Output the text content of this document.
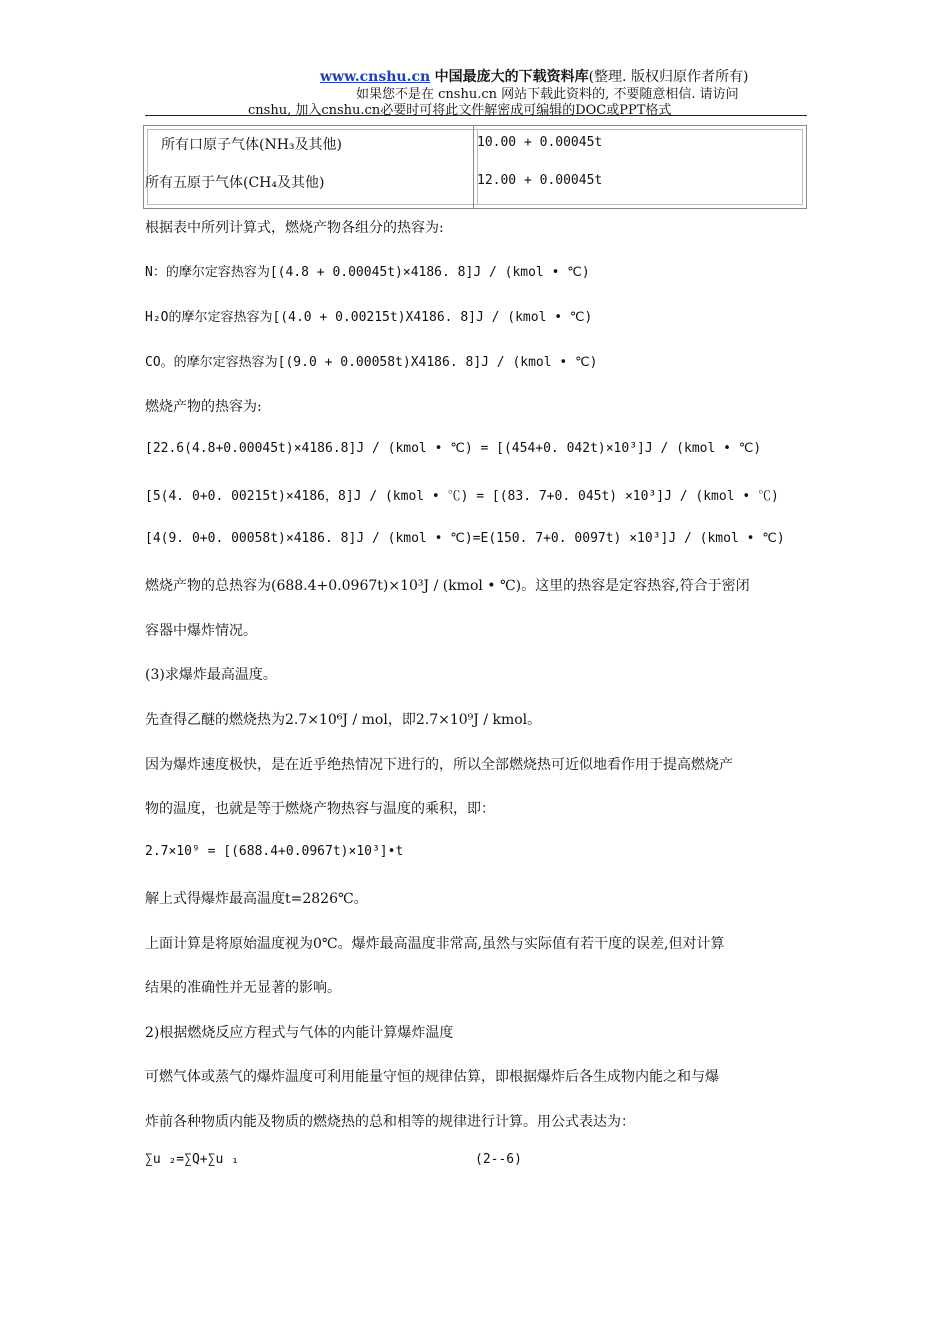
www.cnshu.cn 中国最庞大的下载资料库(整理. 版权归原作者所有)
如果您不是在 cnshu.cn 网站下载此资料的, 不要随意相信. 请访问
cnshu, 加入cnshu.cn必要时可将此文件解密成可编辑的DOC或PPT格式
所有口原子气体(NH₃及其他)	10.00 + 0.00045t
所有五原于气体(CH₄及其他)	12.00 + 0.00045t
根据表中所列计算式，燃烧产物各组分的热容为:
N：的摩尔定容热容为[(4.8 + 0.00045t)×4186. 8]J / (kmol • ℃)
H₂O的摩尔定容热容为[(4.0 + 0.00215t)X4186. 8]J / (kmol • ℃)
CO。的摩尔定容热容为[(9.0 + 0.00058t)X4186. 8]J / (kmol • ℃)
燃烧产物的热容为:
[22.6(4.8+0.00045t)×4186.8]J / (kmol • ℃) = [(454+0. 042t)×10³]J / (kmol • ℃)
[5(4. 0+0. 00215t)×4186，8]J / (kmol • ℃) = [(83. 7+0. 045t) ×10³]J / (kmol • ℃)
[4(9. 0+0. 00058t)×4186. 8]J / (kmol • ℃)=E(150. 7+0. 0097t) ×10³]J / (kmol • ℃)
燃烧产物的总热容为(688.4+0.0967t)×10³J / (kmol • ℃)。这里的热容是定容热容,符合于密闭
容器中爆炸情况。
(3)求爆炸最高温度。
先查得乙醚的燃烧热为2.7×10⁶J / mol，即2.7×10⁹J / kmol。
因为爆炸速度极快，是在近乎绝热情况下进行的，所以全部燃烧热可近似地看作用于提高燃烧产
物的温度，也就是等于燃烧产物热容与温度的乘积，即：
2.7×10⁹ = [(688.4+0.0967t)×10³]•t
解上式得爆炸最高温度t=2826℃。
上面计算是将原始温度视为0℃。爆炸最高温度非常高,虽然与实际值有若干度的误差,但对计算
结果的准确性并无显著的影响。
2)根据燃烧反应方程式与气体的内能计算爆炸温度
可燃气体或蒸气的爆炸温度可利用能量守恒的规律估算，即根据爆炸后各生成物内能之和与爆
炸前各种物质内能及物质的燃烧热的总和相等的规律进行计算。用公式表达为：
∑u ₂=∑Q+∑u ₁	(2--6)
